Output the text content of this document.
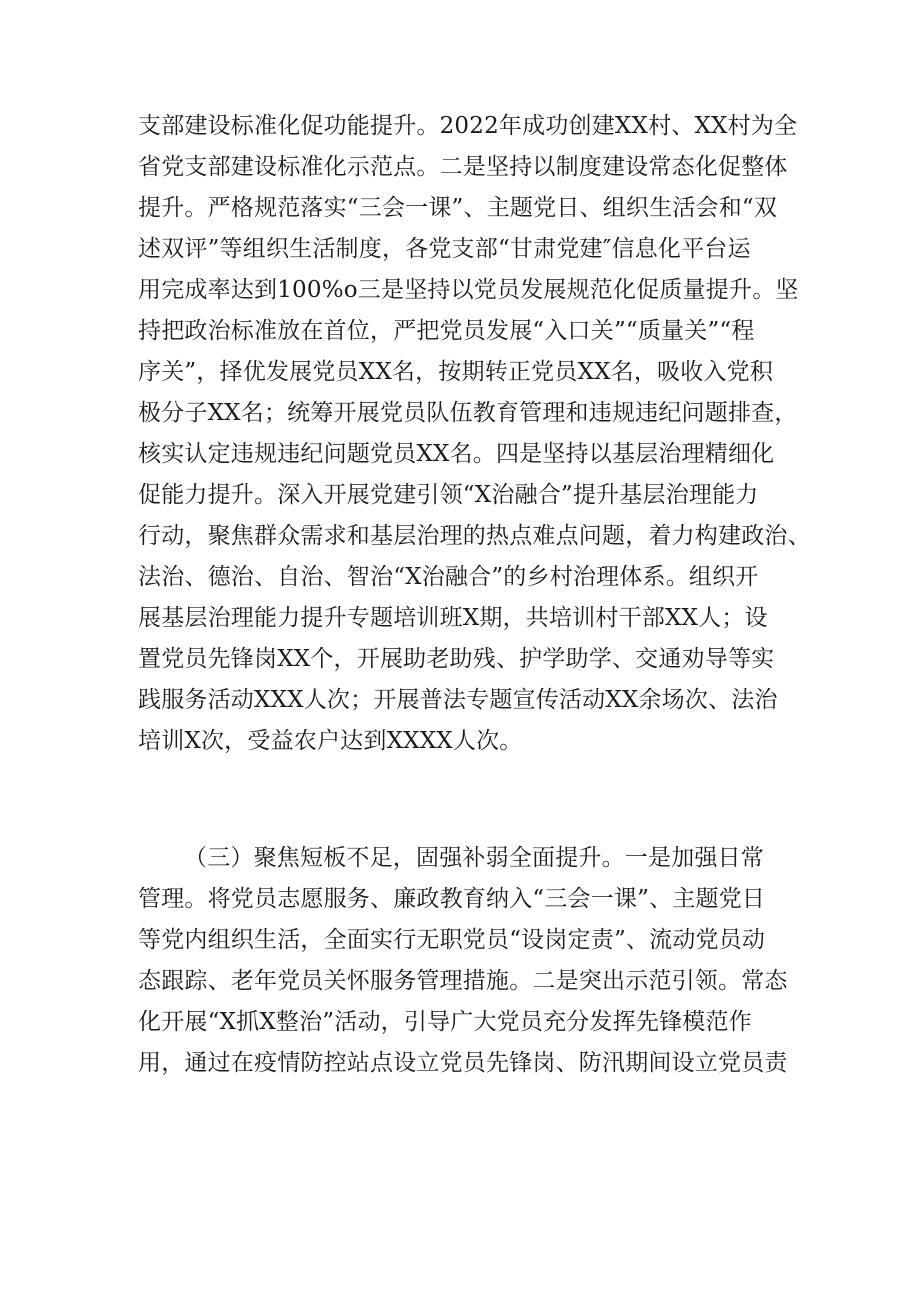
支部建设标准化促功能提升。2022年成功创建XX村、XX村为全
省党支部建设标准化示范点。二是坚持以制度建设常态化促整体
提升。严格规范落实“三会一课”、主题党日、组织生活会和“双
述双评”等组织生活制度，各党支部“甘肃党建″信息化平台运
用完成率达到100%o三是坚持以党员发展规范化促质量提升。坚
持把政治标准放在首位，严把党员发展“入口关”“质量关”“程
序关”，择优发展党员XX名，按期转正党员XX名，吸收入党积
极分子XX名；统筹开展党员队伍教育管理和违规违纪问题排查，
核实认定违规违纪问题党员XX名。四是坚持以基层治理精细化
促能力提升。深入开展党建引领“X治融合”提升基层治理能力
行动，聚焦群众需求和基层治理的热点难点问题，着力构建政治、
法治、德治、自治、智治“X治融合”的乡村治理体系。组织开
展基层治理能力提升专题培训班X期，共培训村干部XX人；设
置党员先锋岗XX个，开展助老助残、护学助学、交通劝导等实
践服务活动XXX人次；开展普法专题宣传活动XX余场次、法治
培训X次，受益农户达到XXXX人次。
（三）聚焦短板不足，固强补弱全面提升。一是加强日常
管理。将党员志愿服务、廉政教育纳入“三会一课”、主题党日
等党内组织生活，全面实行无职党员“设岗定责”、流动党员动
态跟踪、老年党员关怀服务管理措施。二是突出示范引领。常态
化开展“X抓X整治”活动，引导广大党员充分发挥先锋模范作
用，通过在疫情防控站点设立党员先锋岗、防汛期间设立党员责
